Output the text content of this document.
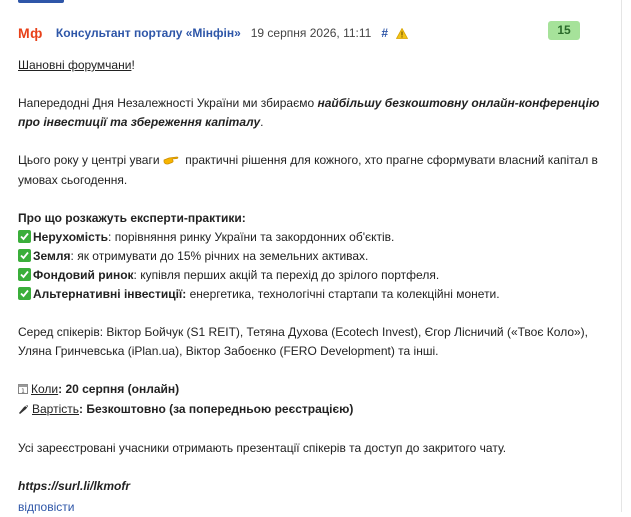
Мф Консультант порталу «Мінфін» 19 серпня 2026, 11:11 #	15

Шановні форумчани!

Напередодні Дня Незалежності України ми збираємо найбільшу безкоштовну онлайн-конференцію про інвестиції та збереження капіталу.

Цього року у центрі уваги  практичні рішення для кожного, хто прагне сформувати власний капітал в умовах сьогодення.

Про що розкажуть експерти-практики:

Нерухомість: порівняння ринку України та закордонних об'єктів.
Земля: як отримувати до 15% річних на земельних активах.
Фондовий ринок: купівля перших акцій та перехід до зрілого портфеля.
Альтернативні інвестиції: енергетика, технологічні стартапи та колекційні монети.

Серед спікерів: Віктор Бойчук (S1 REIT), Тетяна Духова (Ecotech Invest), Єгор Лісничий («Твоє Коло»), Уляна Гринчевська (iPlan.ua), Віктор Забоєнко (FERO Development) та інші.

1 Коли: 20 серпня (онлайн)
Вартість: Безкоштовно (за попередньою реєстрацією)

Усі зареєстровані учасники отримають презентації спікерів та доступ до закритого чату.

https://surl.li/lkmofr

відповісти
